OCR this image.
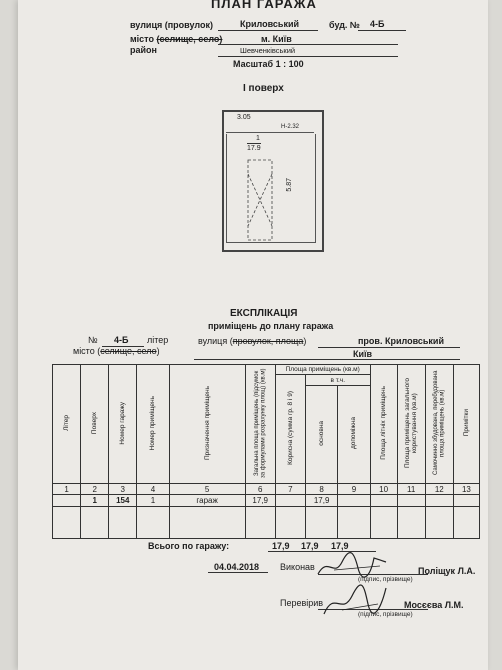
ПЛАН ГАРАЖА
вулиця (провулок)	Криловський	буд. № 4-Б
місто (селище, село)	м. Київ
район	Шевченківський
Масштаб 1 : 100
І поверх
3.05
Н-2.32
1
17.9
5.87
ЕКСПЛІКАЦІЯ
приміщень до плану гаража
№ 4-Б літер	вулиця (провулок, площа)	пров. Криловський
місто (селище, село)	Київ
Літер	Поверх	Номер гаражу	Номер приміщень	Призначення приміщень	Загальна площа приміщень (підсумок за формулами розрахунку площ) (кв.м)	Площа приміщень (кв.м)			Площа літніх приміщень	Площа приміщень загального користування (кв.м)	Самочинно збудована, перебудована площа приміщень (кв.м)	Примітки
						Корисна (сумма гр. 8 і 9)	в т.ч.					
							основна	допоміжна				
1	2	3	4	5	6	7	8	9	10	11	12	13
	1	154	1	гараж	17,9		17,9					

Всього по гаражу:	17,9 17,9 17,9
04.04.2018 Виконав	Поліщук Л.А.
(підпис, прізвище)
Перевірив	Мосєєва Л.М.
(підпис, прізвище)
